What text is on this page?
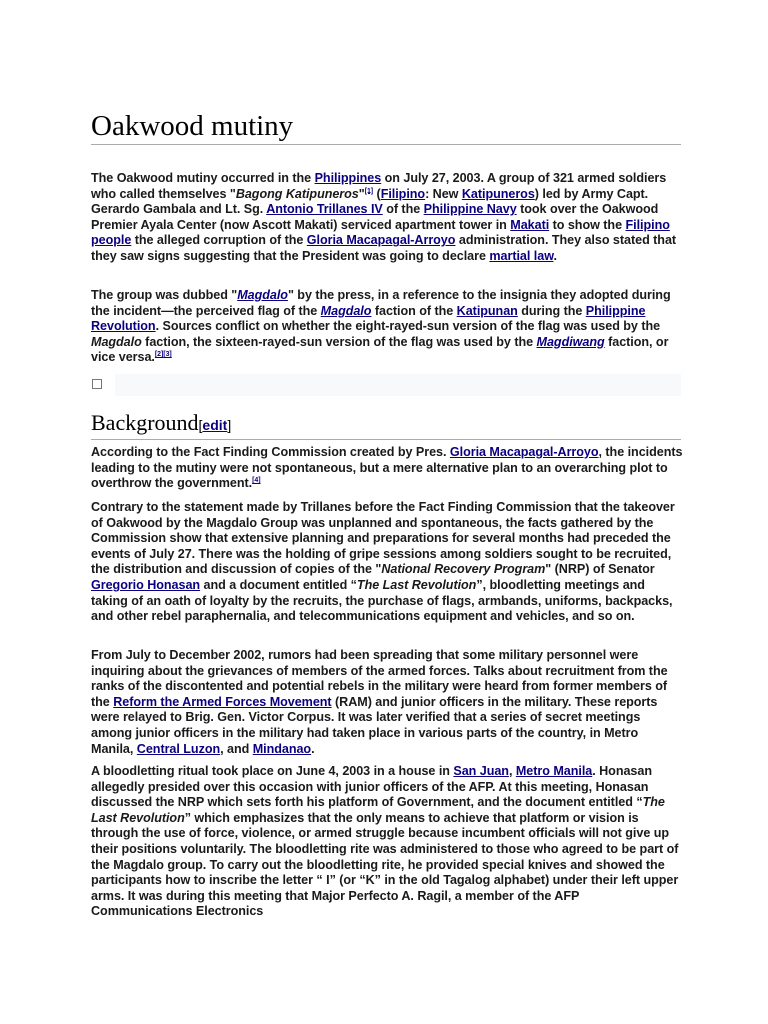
Oakwood mutiny

The Oakwood mutiny occurred in the Philippines on July 27, 2003. A group of 321 armed soldiers who called themselves "Bagong Katipuneros"[1] (Filipino: New Katipuneros) led by Army Capt. Gerardo Gambala and Lt. Sg. Antonio Trillanes IV of the Philippine Navy took over the Oakwood Premier Ayala Center (now Ascott Makati) serviced apartment tower in Makati to show the Filipino people the alleged corruption of the Gloria Macapagal-Arroyo administration. They also stated that they saw signs suggesting that the President was going to declare martial law.

The group was dubbed "Magdalo" by the press, in a reference to the insignia they adopted during the incident—the perceived flag of the Magdalo faction of the Katipunan during the Philippine Revolution. Sources conflict on whether the eight-rayed-sun version of the flag was used by the Magdalo faction, the sixteen-rayed-sun version of the flag was used by the Magdiwang faction, or vice versa.[2][3]

Background[edit]

According to the Fact Finding Commission created by Pres. Gloria Macapagal-Arroyo, the incidents leading to the mutiny were not spontaneous, but a mere alternative plan to an overarching plot to overthrow the government.[4]

Contrary to the statement made by Trillanes before the Fact Finding Commission that the takeover of Oakwood by the Magdalo Group was unplanned and spontaneous, the facts gathered by the Commission show that extensive planning and preparations for several months had preceded the events of July 27. There was the holding of gripe sessions among soldiers sought to be recruited, the distribution and discussion of copies of the "National Recovery Program" (NRP) of Senator Gregorio Honasan and a document entitled “The Last Revolution”, bloodletting meetings and taking of an oath of loyalty by the recruits, the purchase of flags, armbands, uniforms, backpacks, and other rebel paraphernalia, and telecommunications equipment and vehicles, and so on.

From July to December 2002, rumors had been spreading that some military personnel were inquiring about the grievances of members of the armed forces. Talks about recruitment from the ranks of the discontented and potential rebels in the military were heard from former members of the Reform the Armed Forces Movement (RAM) and junior officers in the military. These reports were relayed to Brig. Gen. Victor Corpus. It was later verified that a series of secret meetings among junior officers in the military had taken place in various parts of the country, in Metro Manila, Central Luzon, and Mindanao.

A bloodletting ritual took place on June 4, 2003 in a house in San Juan, Metro Manila. Honasan allegedly presided over this occasion with junior officers of the AFP. At this meeting, Honasan discussed the NRP which sets forth his platform of Government, and the document entitled “The Last Revolution” which emphasizes that the only means to achieve that platform or vision is through the use of force, violence, or armed struggle because incumbent officials will not give up their positions voluntarily. The bloodletting rite was administered to those who agreed to be part of the Magdalo group. To carry out the bloodletting rite, he provided special knives and showed the participants how to inscribe the letter “ I” (or “K” in the old Tagalog alphabet) under their left upper arms. It was during this meeting that Major Perfecto A. Ragil, a member of the AFP Communications Electronics
